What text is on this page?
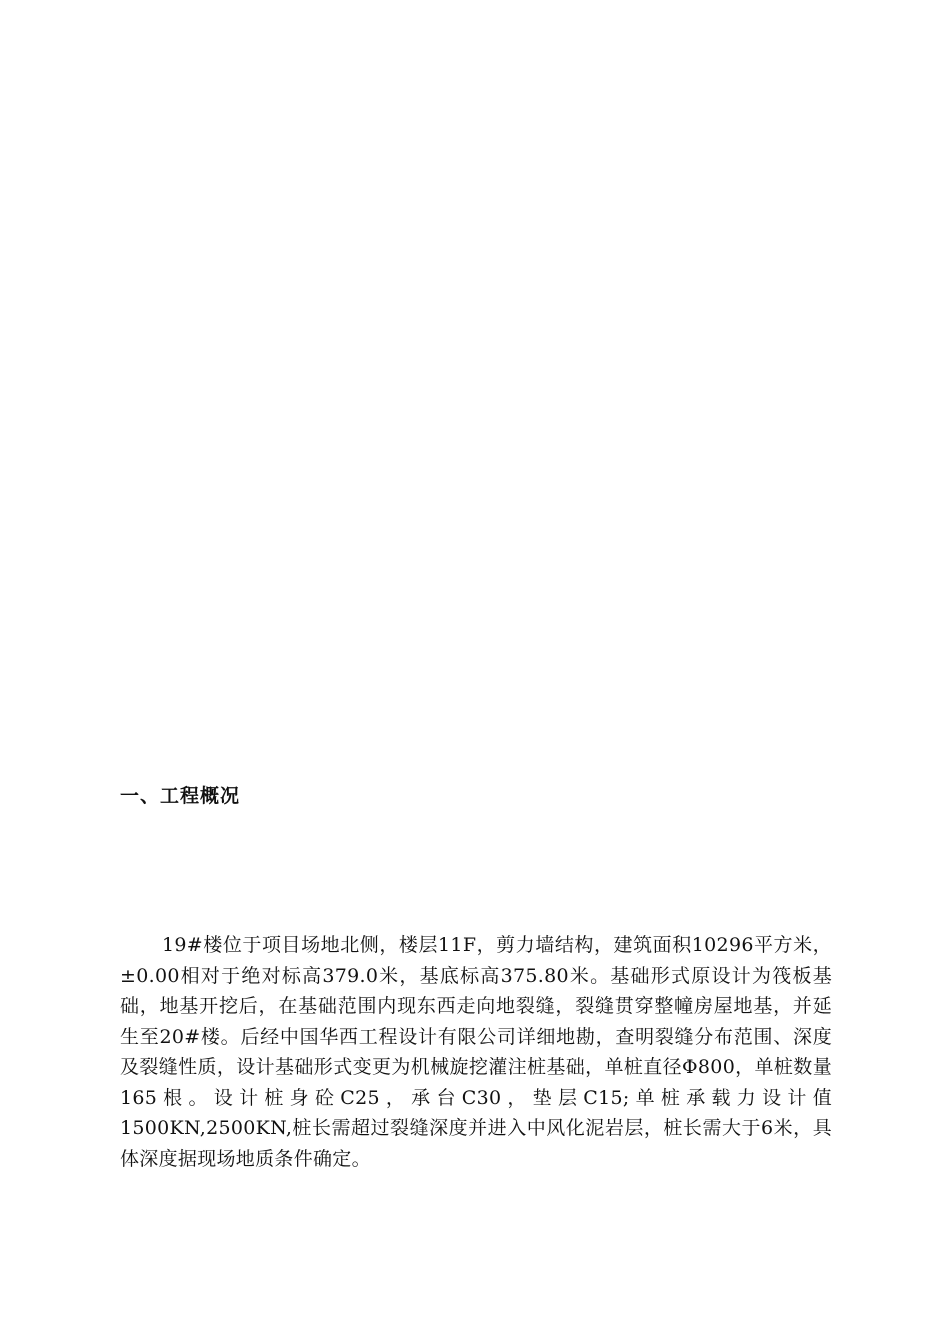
一、工程概况

19#楼位于项目场地北侧，楼层11F，剪力墙结构，建筑面积10296平方米，±0.00相对于绝对标高379.0米，基底标高375.80米。基础形式原设计为筏板基础，地基开挖后，在基础范围内现东西走向地裂缝，裂缝贯穿整幢房屋地基，并延生至20#楼。后经中国华西工程设计有限公司详细地勘，查明裂缝分布范围、深度及裂缝性质，设计基础形式变更为机械旋挖灌注桩基础，单桩直径Φ800，单桩数量165根。设计桩身砼C25，承台C30，垫层C15;单桩承载力设计值1500KN,2500KN,桩长需超过裂缝深度并进入中风化泥岩层，桩长需大于6米，具体深度据现场地质条件确定。
